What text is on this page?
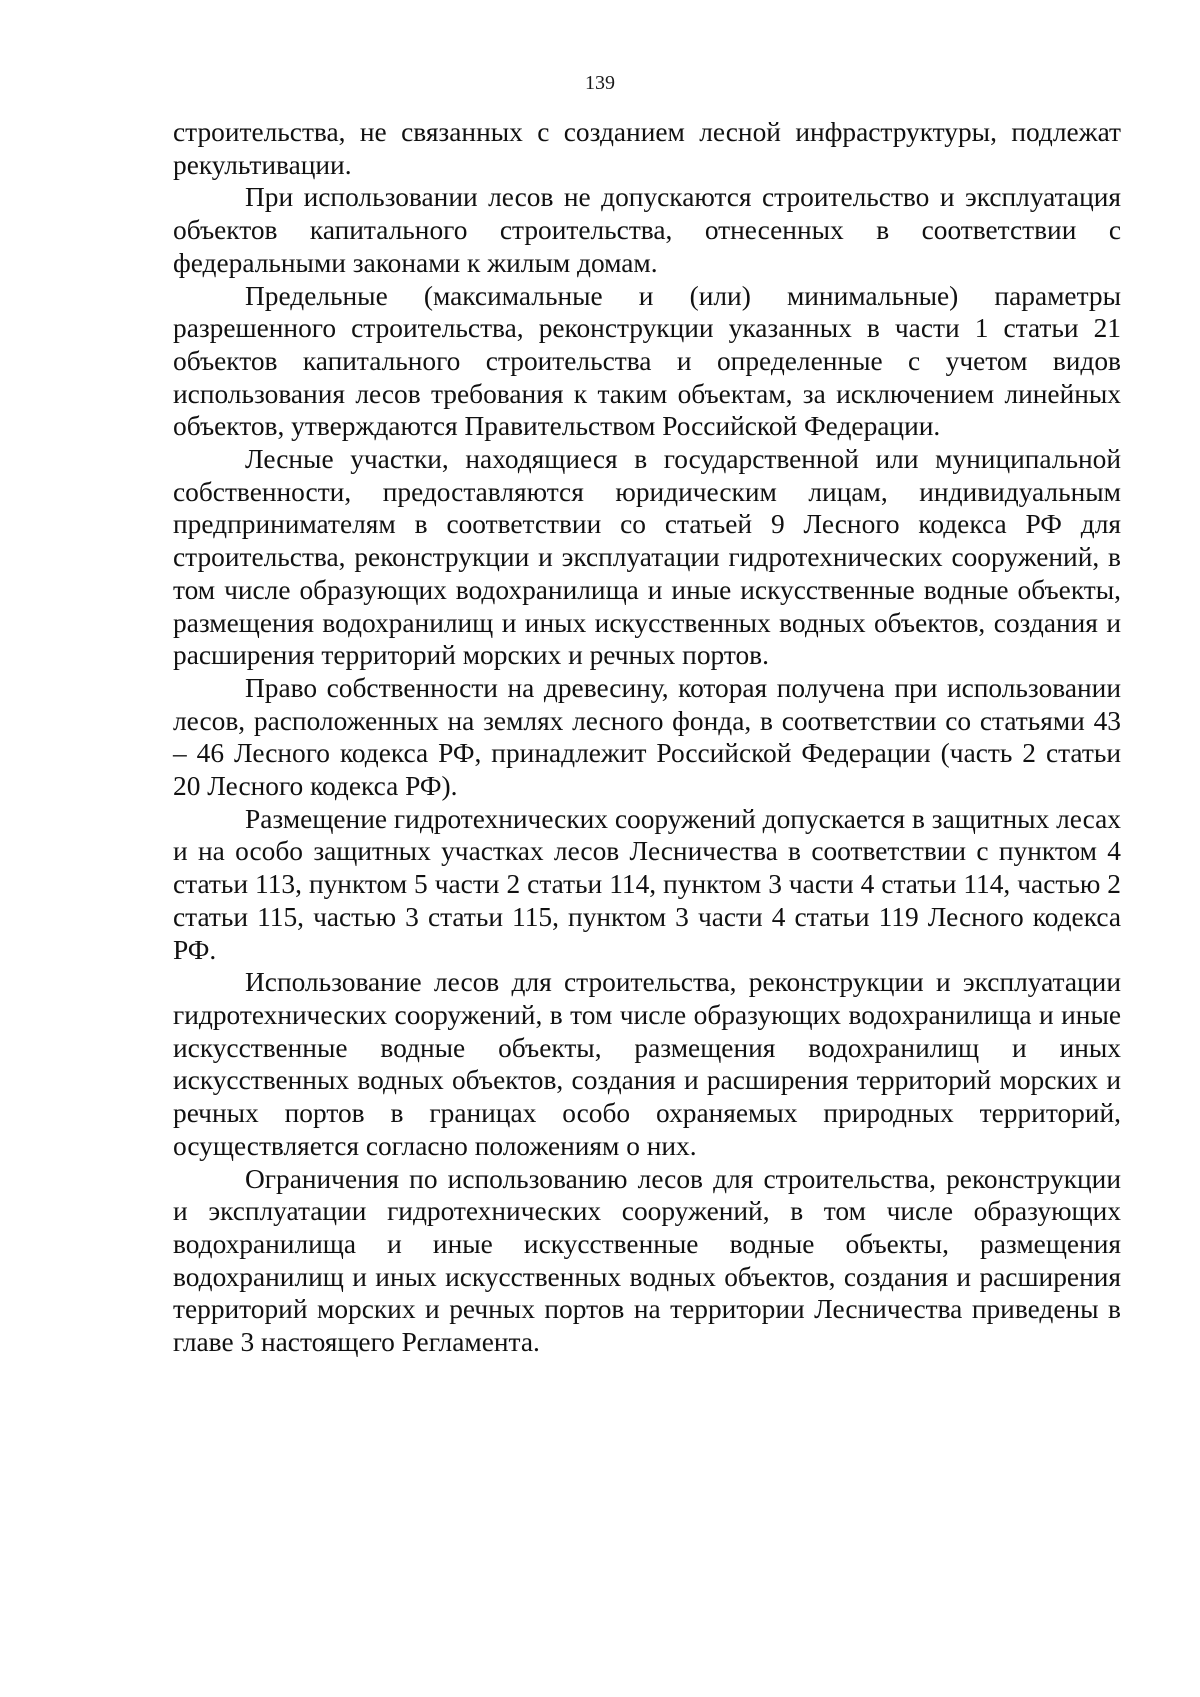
139

строительства, не связанных с созданием лесной инфраструктуры, подлежат рекультивации.

При использовании лесов не допускаются строительство и эксплуатация объектов капитального строительства, отнесенных в соответствии с федеральными законами к жилым домам.

Предельные (максимальные и (или) минимальные) параметры разрешенного строительства, реконструкции указанных в части 1 статьи 21 объектов капитального строительства и определенные с учетом видов использования лесов требования к таким объектам, за исключением линейных объектов, утверждаются Правительством Российской Федерации.

Лесные участки, находящиеся в государственной или муниципальной собственности, предоставляются юридическим лицам, индивидуальным предпринимателям в соответствии со статьей 9 Лесного кодекса РФ для строительства, реконструкции и эксплуатации гидротехнических сооружений, в том числе образующих водохранилища и иные искусственные водные объекты, размещения водохранилищ и иных искусственных водных объектов, создания и расширения территорий морских и речных портов.

Право собственности на древесину, которая получена при использовании лесов, расположенных на землях лесного фонда, в соответствии со статьями 43 – 46 Лесного кодекса РФ, принадлежит Российской Федерации (часть 2 статьи 20 Лесного кодекса РФ).

Размещение гидротехнических сооружений допускается в защитных лесах и на особо защитных участках лесов Лесничества в соответствии с пунктом 4 статьи 113, пунктом 5 части 2 статьи 114, пунктом 3 части 4 статьи 114, частью 2 статьи 115, частью 3 статьи 115, пунктом 3 части 4 статьи 119 Лесного кодекса РФ.

Использование лесов для строительства, реконструкции и эксплуатации гидротехнических сооружений, в том числе образующих водохранилища и иные искусственные водные объекты, размещения водохранилищ и иных искусственных водных объектов, создания и расширения территорий морских и речных портов в границах особо охраняемых природных территорий, осуществляется согласно положениям о них.

Ограничения по использованию лесов для строительства, реконструкции и эксплуатации гидротехнических сооружений, в том числе образующих водохранилища и иные искусственные водные объекты, размещения водохранилищ и иных искусственных водных объектов, создания и расширения территорий морских и речных портов на территории Лесничества приведены в главе 3 настоящего Регламента.
